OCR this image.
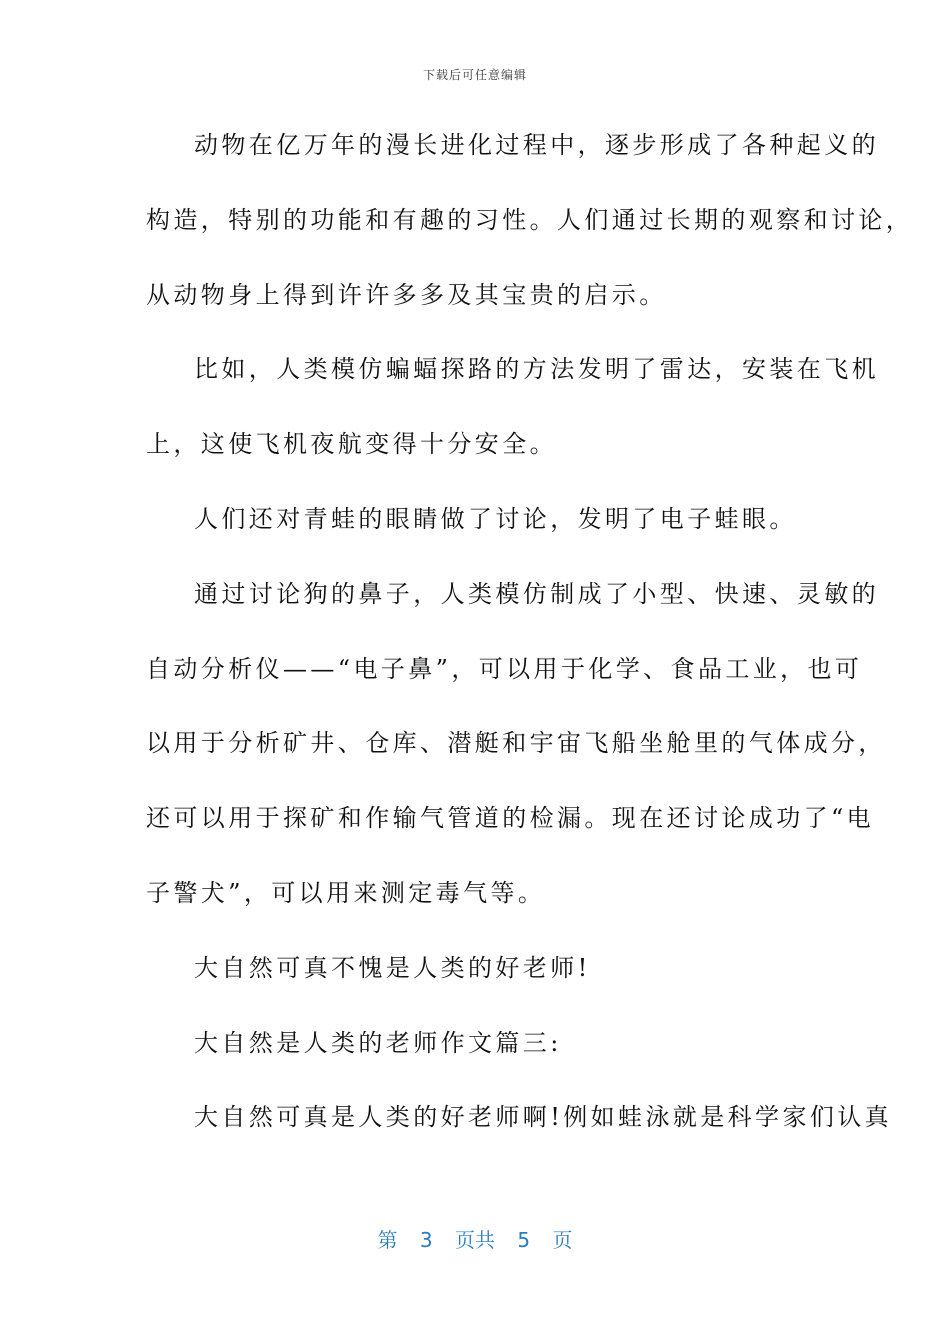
下载后可任意编辑
动物在亿万年的漫长进化过程中，逐步形成了各种起义的
构造，特别的功能和有趣的习性。人们通过长期的观察和讨论，
从动物身上得到许许多多及其宝贵的启示。
比如，人类模仿蝙蝠探路的方法发明了雷达，安装在飞机
上，这使飞机夜航变得十分安全。
人们还对青蛙的眼睛做了讨论，发明了电子蛙眼。
通过讨论狗的鼻子，人类模仿制成了小型、快速、灵敏的
自动分析仪——“电子鼻”，可以用于化学、食品工业，也可
以用于分析矿井、仓库、潜艇和宇宙飞船坐舱里的气体成分，
还可以用于探矿和作输气管道的检漏。现在还讨论成功了“电
子警犬”，可以用来测定毒气等。
大自然可真不愧是人类的好老师!
大自然是人类的老师作文篇三:
大自然可真是人类的好老师啊!例如蛙泳就是科学家们认真
第 3 页共 5 页
